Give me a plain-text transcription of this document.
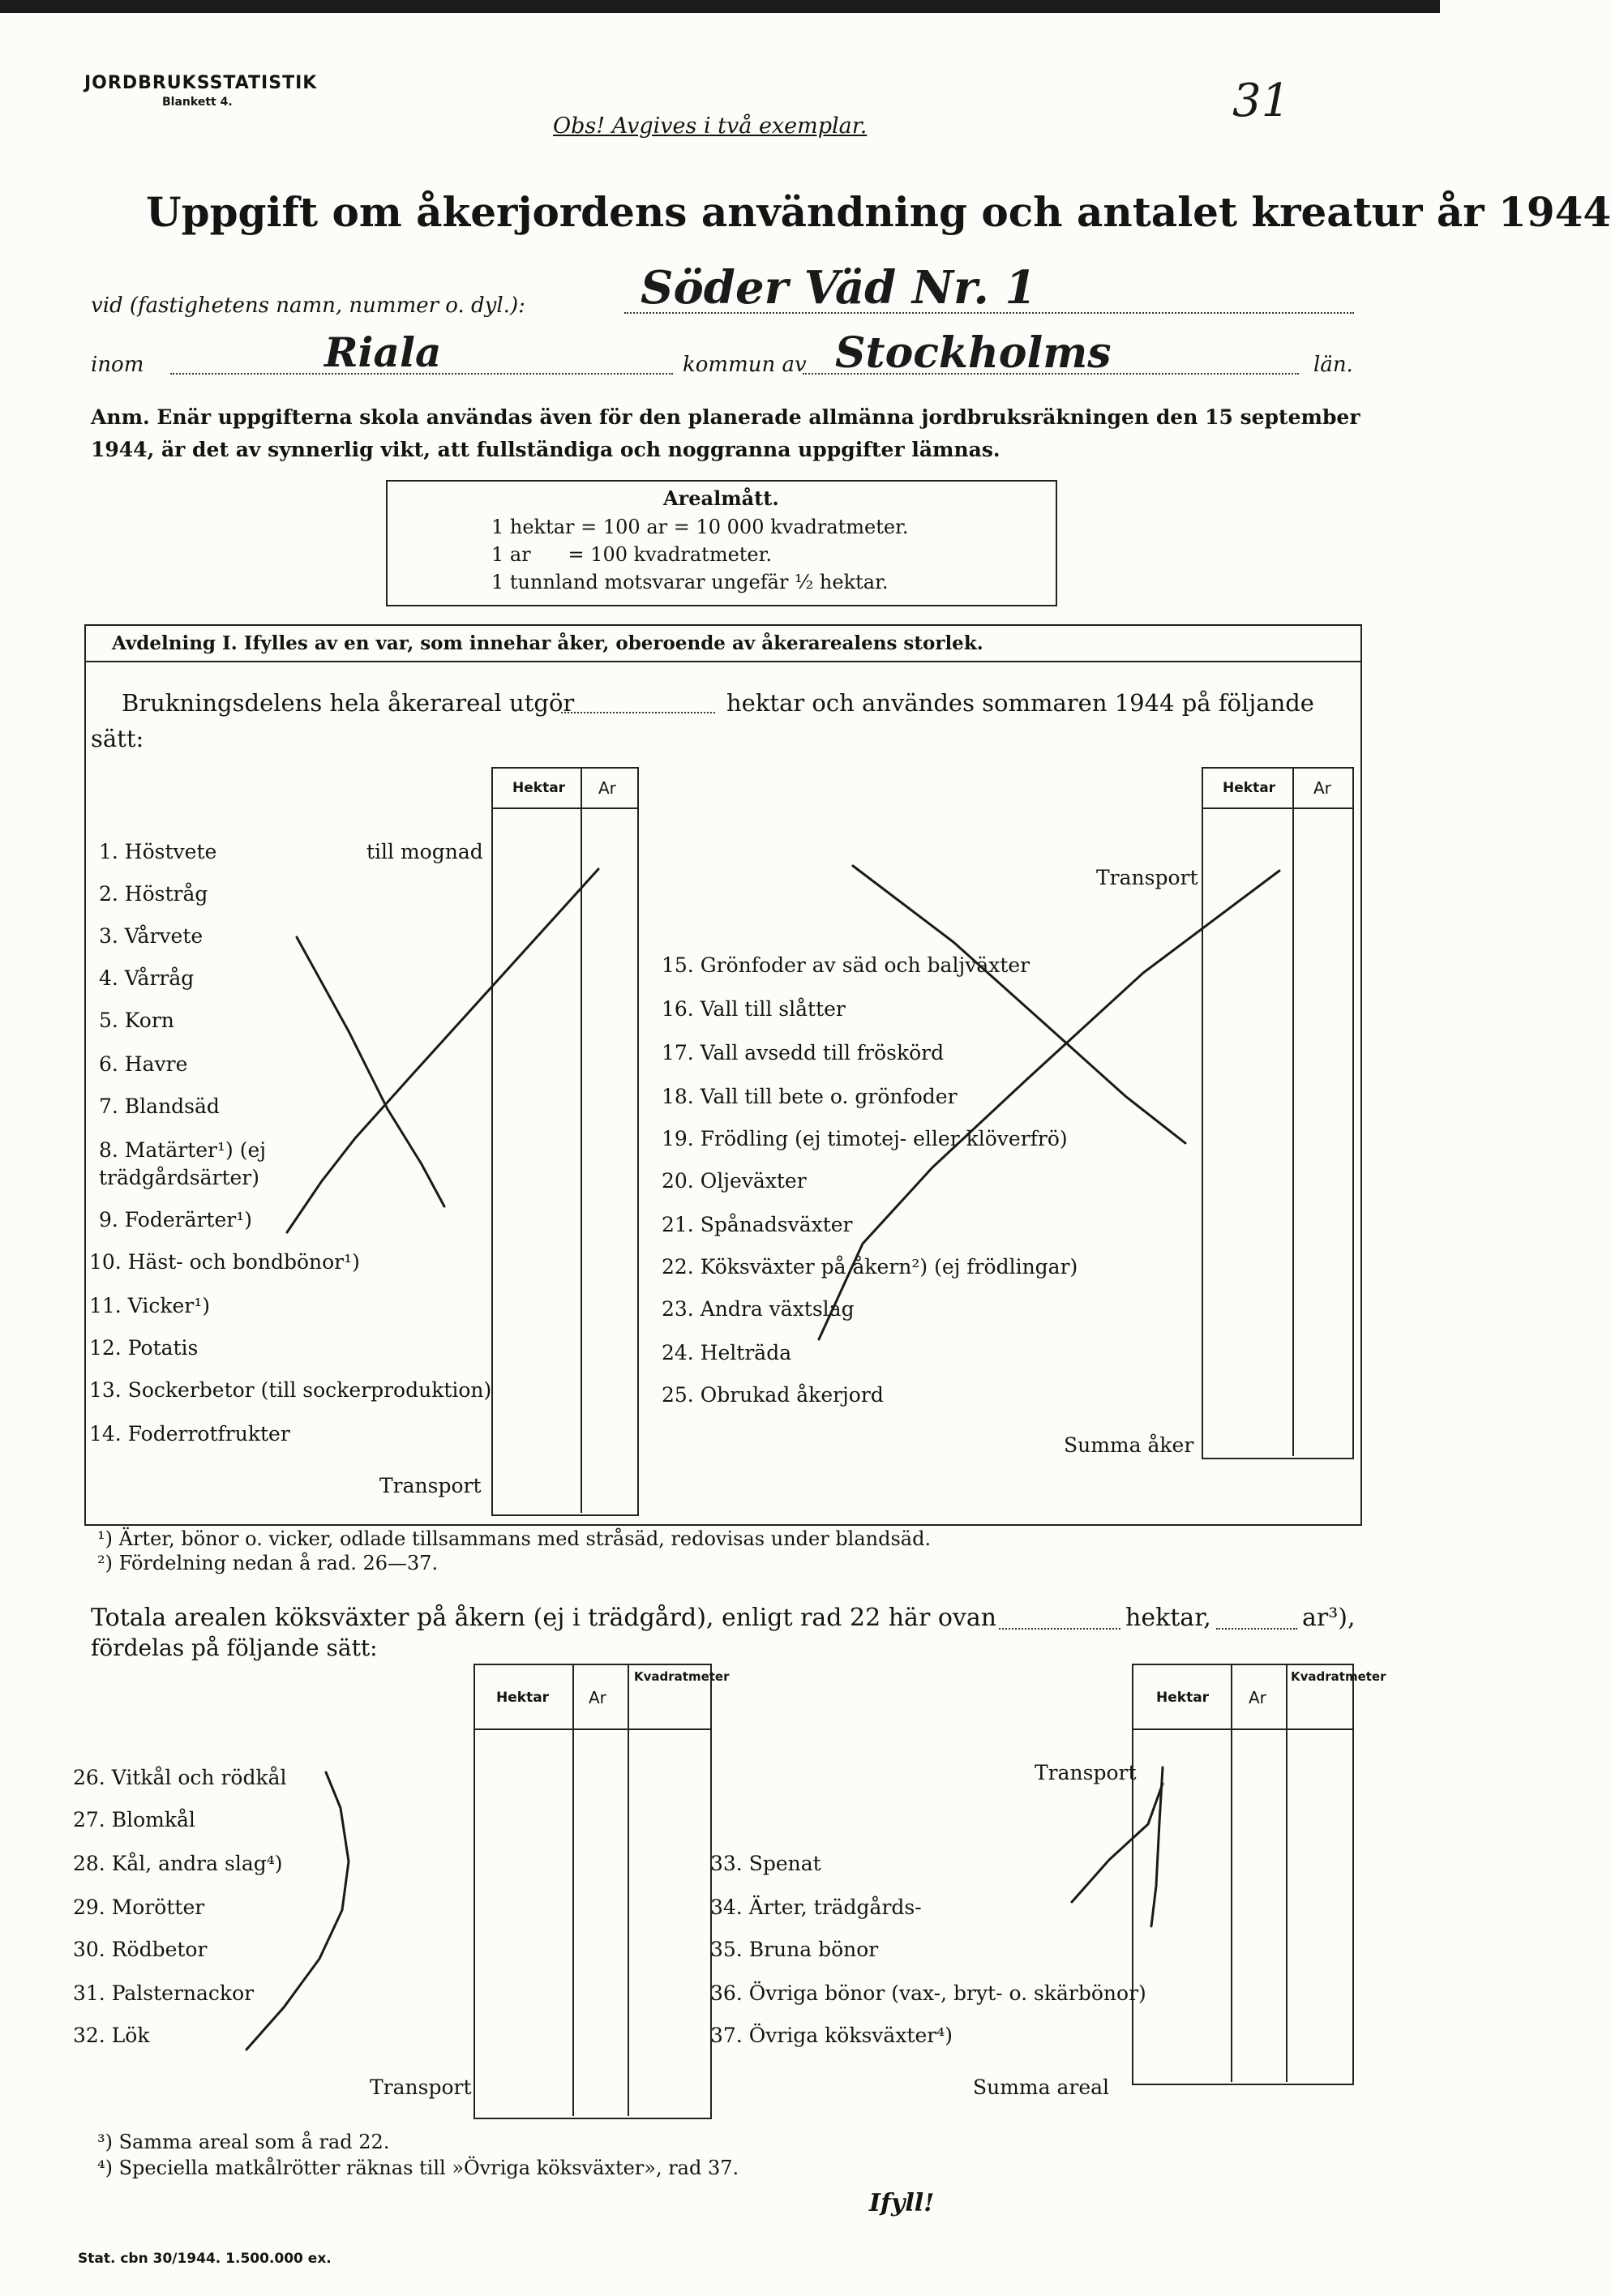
JORDBRUKSSTATISTIK
Blankett 4.
Obs! Avgives i två exemplar.	31
Uppgift om åkerjordens användning och antalet kreatur år 1944
vid (fastighetens namn, nummer o. dyl.):	Söder Väd Nr. 1
inom	Riala	kommun av Stockholms	län.
Anm. Enär uppgifterna skola användas även för den planerade allmänna jordbruksräkningen den 15 september
1944, är det av synnerlig vikt, att fullständiga och noggranna uppgifter lämnas.
Arealmått.
1 hektar = 100 ar = 10 000 kvadratmeter.
1 ar      = 100 kvadratmeter.
1 tunnland motsvarar ungefär ½ hektar.
Avdelning I. Ifylles av en var, som innehar åker, oberoende av åkerarealens storlek.
Brukningsdelens hela åkerareal utgör	hektar och användes sommaren 1944 på följande
sätt:
Hektar Ar	Hektar Ar
1. Höstvete	till mognad
2. Höstråg
3. Vårvete
4. Vårråg
5. Korn
6. Havre
7. Blandsäd
8. Matärter¹) (ej trädgårdsärter)
9. Foderärter¹)
10. Häst- och bondbönor¹)
11. Vicker¹)
12. Potatis
13. Sockerbetor (till sockerproduktion)
14. Foderrotfrukter
Transport
Transport
15. Grönfoder av säd och baljväxter
16. Vall till slåtter
17. Vall avsedd till fröskörd
18. Vall till bete o. grönfoder
19. Frödling (ej timotej- eller klöverfrö)
20. Oljeväxter
21. Spånadsväxter
22. Köksväxter på åkern²) (ej frödlingar)
23. Andra växtslag
24. Helträda
25. Obrukad åkerjord
Summa åker
¹) Ärter, bönor o. vicker, odlade tillsammans med stråsäd, redovisas under blandsäd.
²) Fördelning nedan å rad. 26—37.
Totala arealen köksväxter på åkern (ej i trädgård), enligt rad 22 här ovan	hektar,	ar³),
fördelas på följande sätt:
Hektar Ar
Kvadratmeter
Hektar Ar
Kvadratmeter
26. Vitkål och rödkål
27. Blomkål
28. Kål, andra slag⁴)
29. Morötter
30. Rödbetor
31. Palsternackor
32. Lök
Transport
Transport
33. Spenat
34. Ärter, trädgårds-
35. Bruna bönor
36. Övriga bönor (vax-, bryt- o. skärbönor)
37. Övriga köksväxter⁴)
Summa areal
³) Samma areal som å rad 22.
⁴) Speciella matkålrötter räknas till »Övriga köksväxter», rad 37.
Ifyll!
Stat. cbn 30/1944. 1.500.000 ex.
